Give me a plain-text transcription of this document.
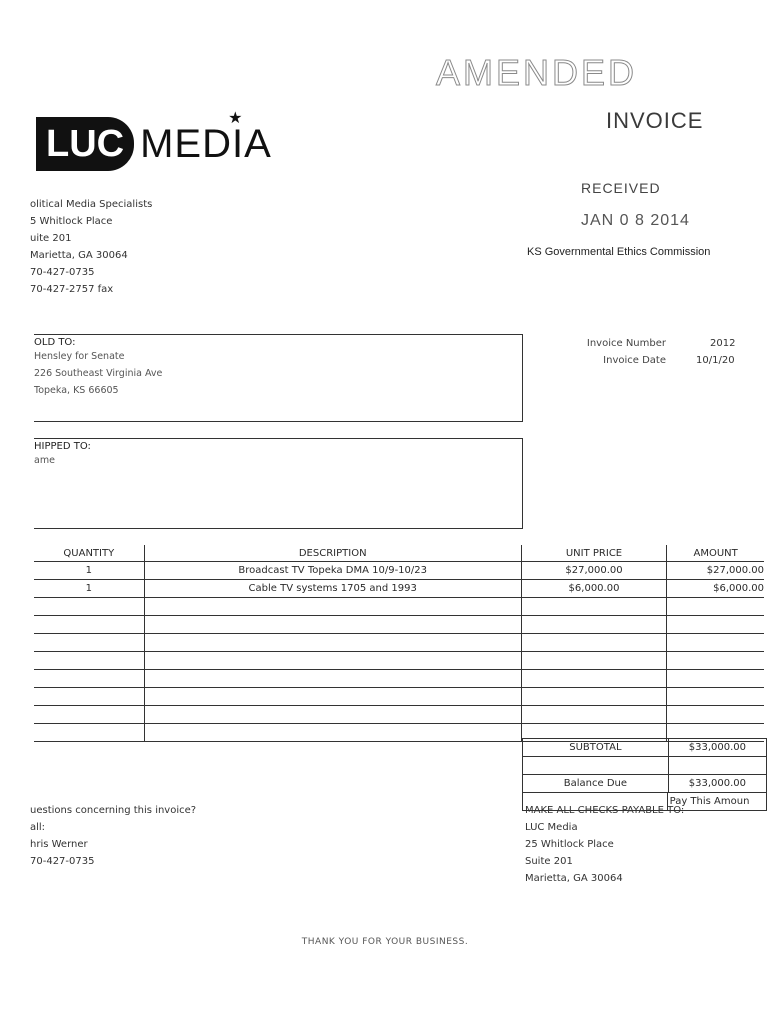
AMENDED
INVOICE
LUC MEDIA
★
olitical Media Specialists
5 Whitlock Place
uite 201
Marietta, GA 30064
70-427-0735
70-427-2757 fax
RECEIVED
JAN 0 8 2014
KS Governmental Ethics Commission
OLD TO:
Hensley for Senate
226 Southeast Virginia Ave
Topeka, KS 66605
Invoice Number	2012
Invoice Date	10/1/20
HIPPED TO:
ame
QUANTITY	DESCRIPTION	UNIT PRICE	AMOUNT
1	Broadcast TV Topeka DMA 10/9-10/23	$27,000.00	$27,000.00
1	Cable TV systems 1705 and 1993	$6,000.00	$6,000.00

SUBTOTAL	$33,000.00
Balance Due	$33,000.00
Pay This Amoun
uestions concerning this invoice?
all:
hris Werner
70-427-0735
MAKE ALL CHECKS PAYABLE TO:
LUC Media
25 Whitlock Place
Suite 201
Marietta, GA 30064
THANK YOU FOR YOUR BUSINESS.
